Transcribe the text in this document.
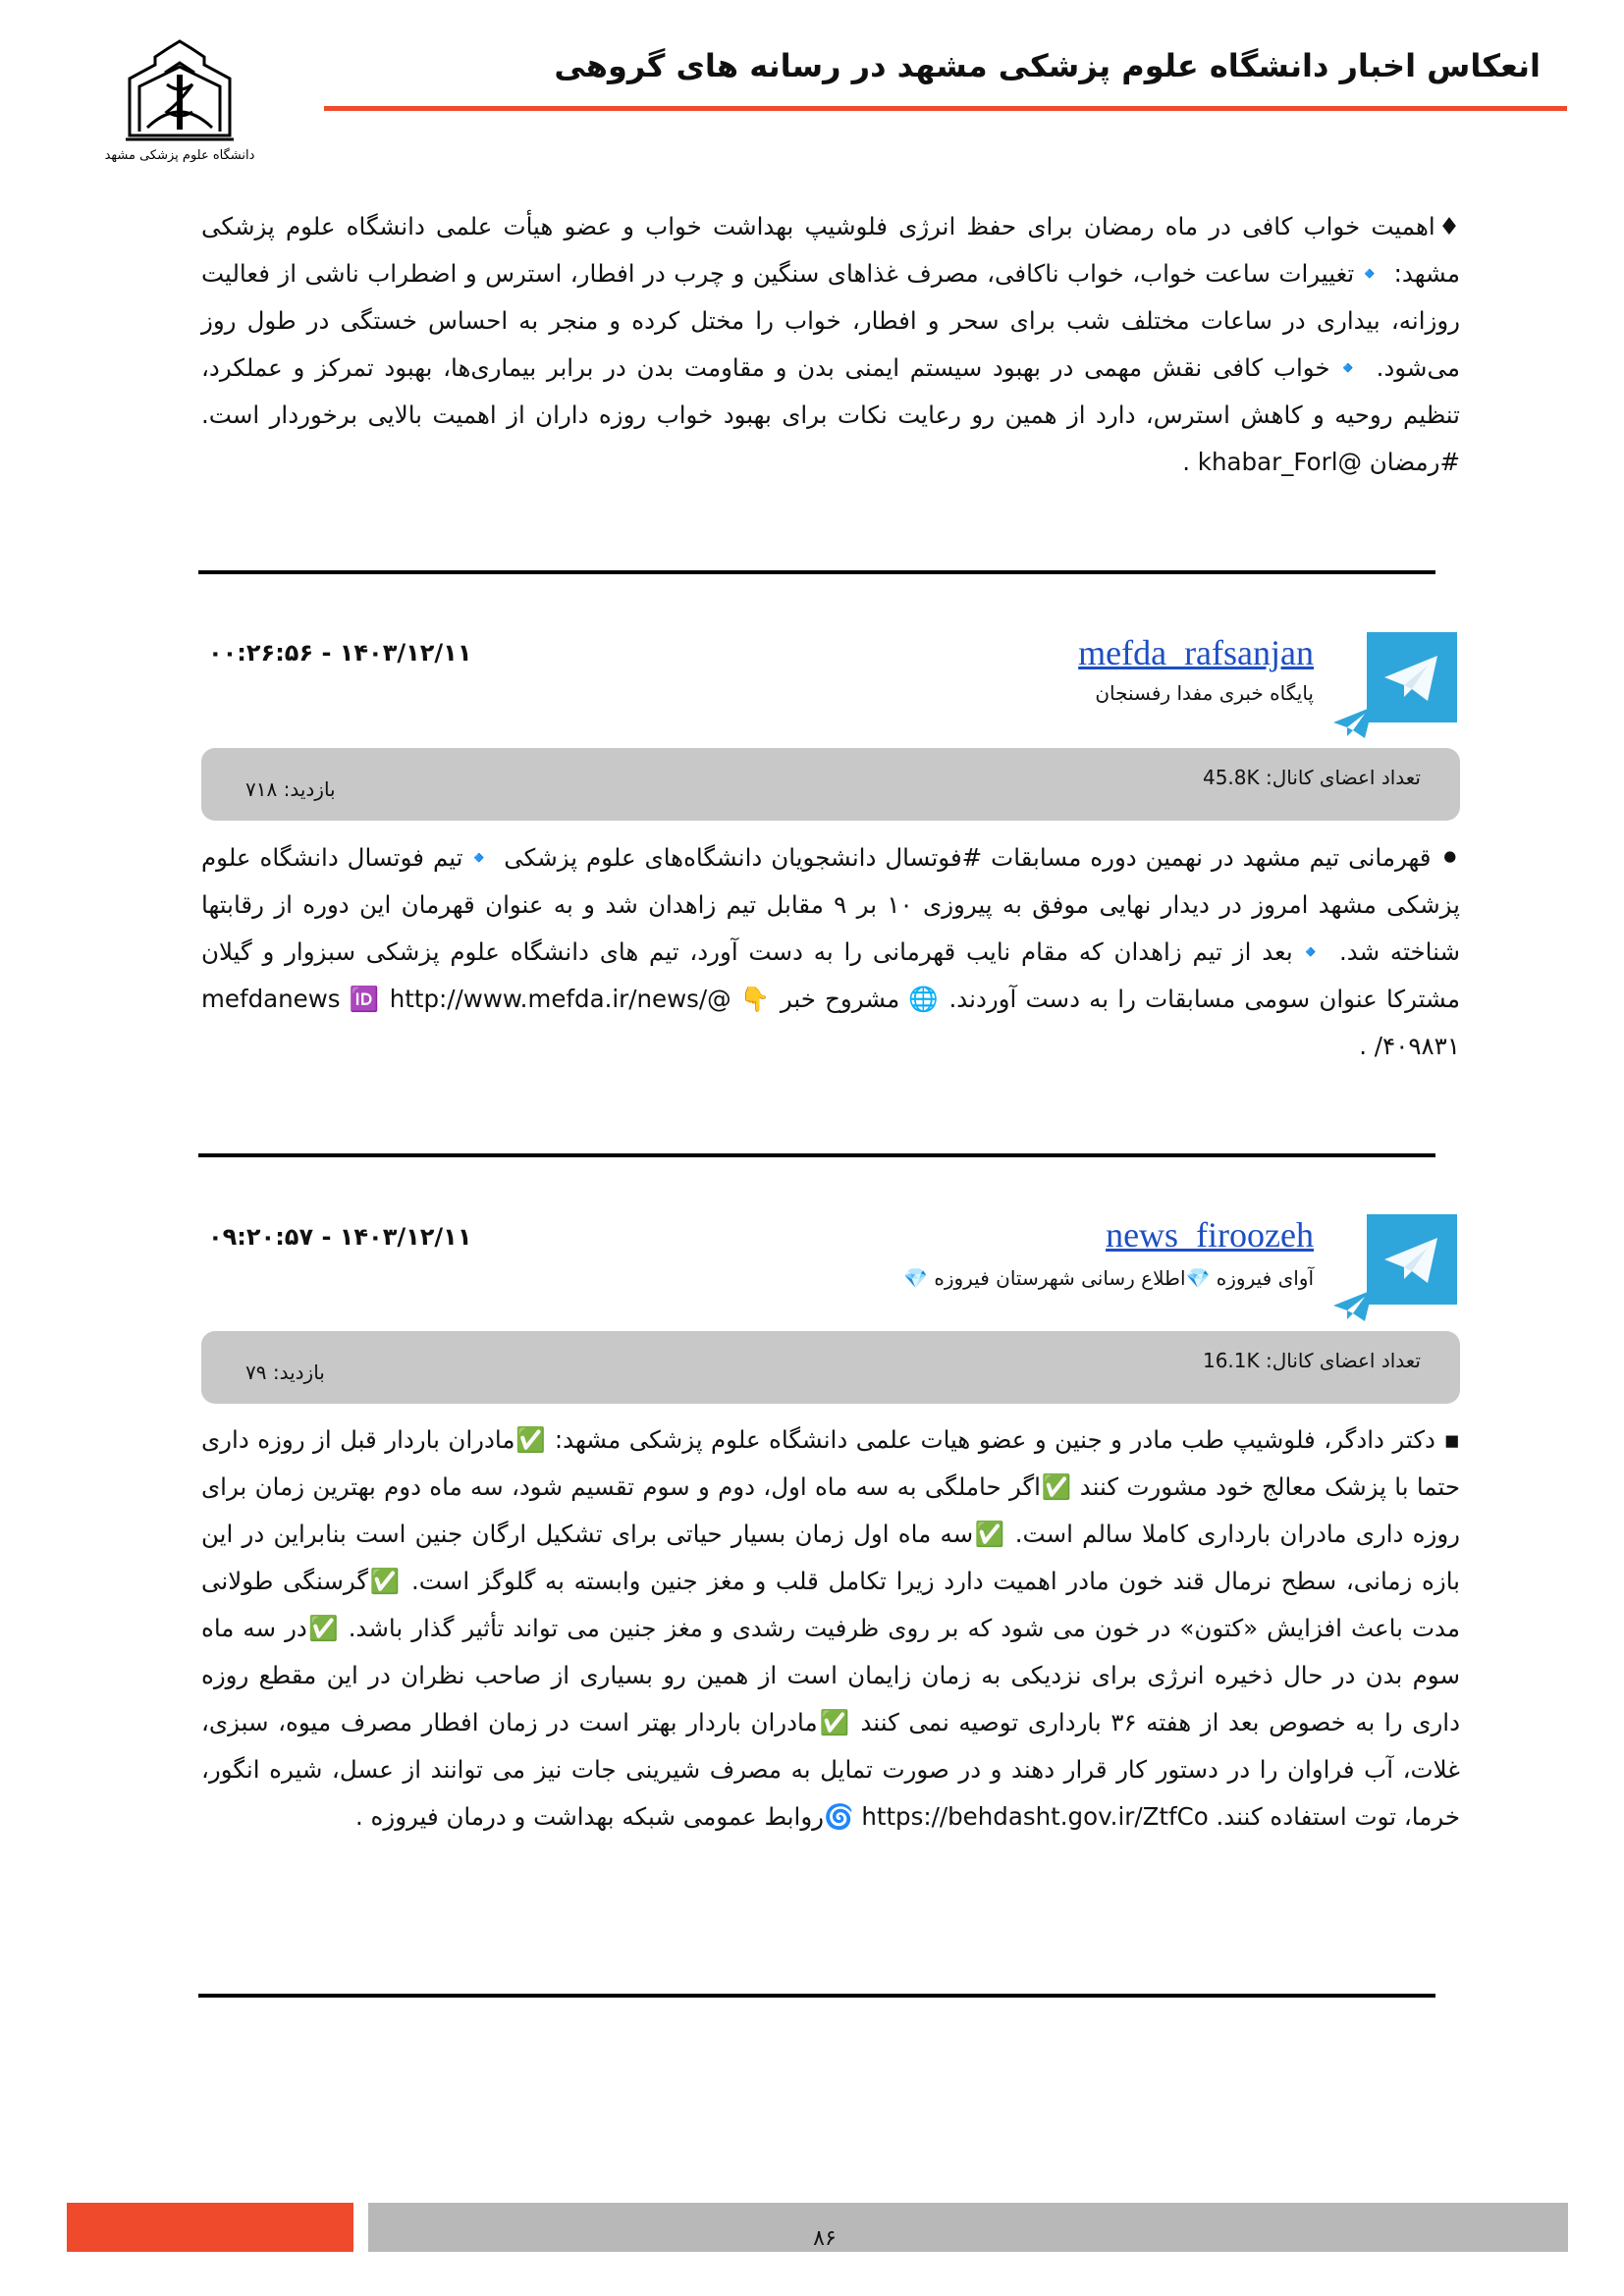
دانشگاه علوم پزشکی مشهد
انعکاس اخبار دانشگاه علوم پزشکی مشهد در رسانه های گروهی
♦اهمیت خواب کافی در ماه رمضان برای حفظ انرژی فلوشیپ بهداشت خواب و عضو هیأت علمی دانشگاه علوم پزشکی مشهد: 🔹تغییرات ساعت خواب، خواب ناکافی، مصرف غذاهای سنگین و چرب در افطار، استرس و اضطراب ناشی از فعالیت روزانه، بیداری در ساعات مختلف شب برای سحر و افطار، خواب را مختل کرده و منجر به احساس خستگی در طول روز می‌شود. 🔹خواب کافی نقش مهمی در بهبود سیستم ایمنی بدن و مقاومت بدن در برابر بیماری‌ها، بهبود تمرکز و عملکرد، تنظیم روحیه و کاهش استرس، دارد از همین رو رعایت نکات برای بهبود خواب روزه داران از اهمیت بالایی برخوردار است. #رمضان @khabar_Forl .
mefda_rafsanjan
پایگاه خبری مفدا رفسنجان
۰۰:۲۶:۵۶ - ۱۴۰۳/۱۲/۱۱
تعداد اعضای کانال: 45.8K
بازدید: ۷۱۸
⚫ قهرمانی تیم مشهد در نهمین دوره مسابقات #فوتسال دانشجویان دانشگاه‌های علوم پزشکی 🔹تیم فوتسال دانشگاه علوم پزشکی مشهد امروز در دیدار نهایی موفق به پیروزی ۱۰ بر ۹ مقابل تیم زاهدان شد و به عنوان قهرمان این دوره از رقابتها شناخته شد. 🔹بعد از تیم زاهدان که مقام نایب قهرمانی را به دست آورد، تیم های دانشگاه علوم پزشکی سبزوار و گیلان مشترکا عنوان سومی مسابقات را به دست آوردند. 🌐 مشروح خبر 👇 @mefdanews 🆔 http://www.mefda.ir/news/۴۰۹۸۳۱/ .
news_firoozeh
آوای فیروزه 💎اطلاع رسانی شهرستان فیروزه 💎
۰۹:۲۰:۵۷ - ۱۴۰۳/۱۲/۱۱
تعداد اعضای کانال: 16.1K
بازدید: ۷۹
▪ دکتر دادگر، فلوشیپ طب مادر و جنین و عضو هیات علمی دانشگاه علوم پزشکی مشهد: ✅مادران باردار قبل از روزه داری حتما با پزشک معالج خود مشورت کنند ✅اگر حاملگی به سه ماه اول، دوم و سوم تقسیم شود، سه ماه دوم بهترین زمان برای روزه داری مادران بارداری کاملا سالم است. ✅سه ماه اول زمان بسیار حیاتی برای تشکیل ارگان جنین است بنابراین در این بازه زمانی، سطح نرمال قند خون مادر اهمیت دارد زیرا تکامل قلب و مغز جنین وابسته به گلوگز است. ✅گرسنگی طولانی مدت باعث افزایش «کتون» در خون می شود که بر روی ظرفیت رشدی و مغز جنین می تواند تأثیر گذار باشد. ✅در سه ماه سوم بدن در حال ذخیره انرژی برای نزدیکی به زمان زایمان است از همین رو بسیاری از صاحب نظران در این مقطع روزه داری را به خصوص بعد از هفته ۳۶ بارداری توصیه نمی کنند ✅مادران باردار بهتر است در زمان افطار مصرف میوه، سبزی، غلات، آب فراوان را در دستور کار قرار دهند و در صورت تمایل به مصرف شیرینی جات نیز می توانند از عسل، شیره انگور، خرما، توت استفاده کنند. https://behdasht.gov.ir/ZtfCo 🌀روابط عمومی شبکه بهداشت و درمان فیروزه .
۸۶
